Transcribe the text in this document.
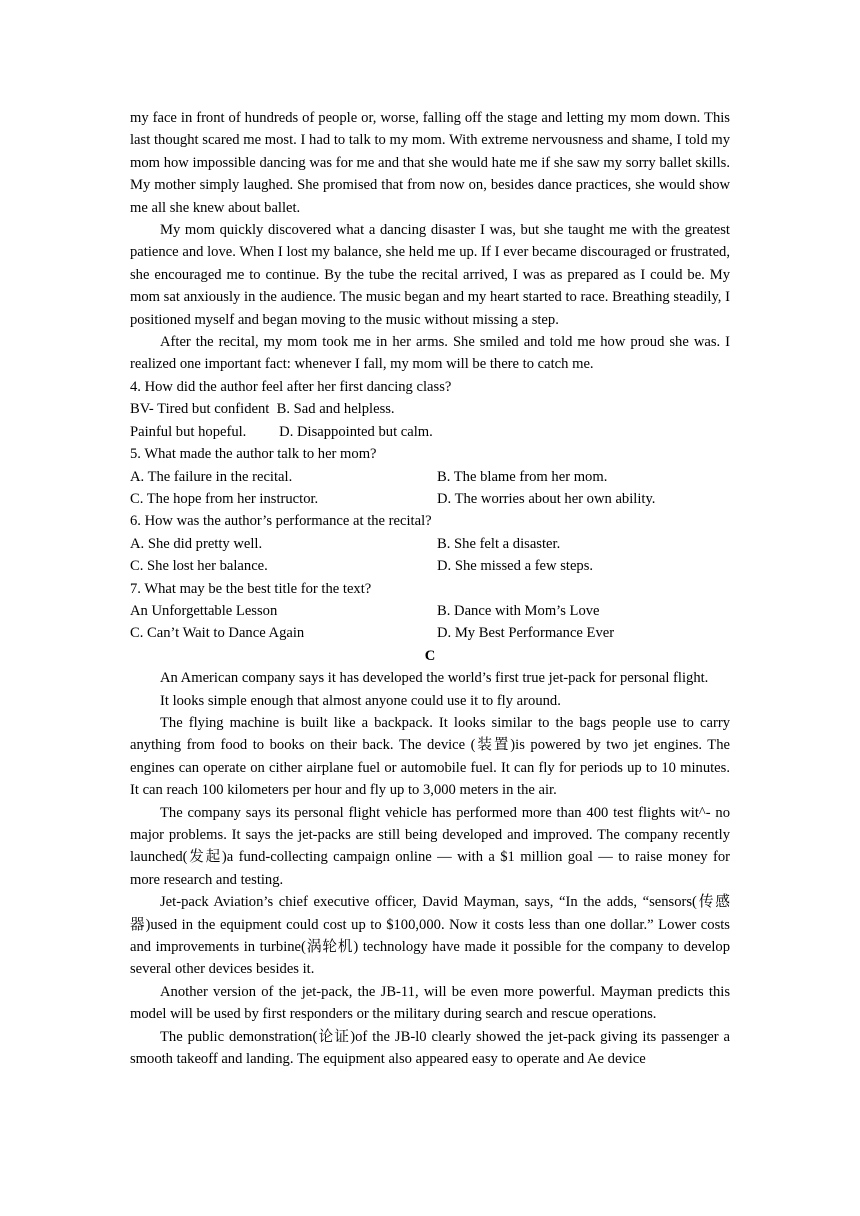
my face in front of hundreds of people or, worse, falling off the stage and letting my mom down. This last thought scared me most. I had to talk to my mom. With extreme nervousness and shame, I told my mom how impossible dancing was for me and that she would hate me if she saw my sorry ballet skills. My mother simply laughed. She promised that from now on, besides dance practices, she would show me all she knew about ballet.

My mom quickly discovered what a dancing disaster I was, but she taught me with the greatest patience and love. When I lost my balance, she held me up. If I ever became discouraged or frustrated, she encouraged me to continue. By the tube the recital arrived, I was as prepared as I could be. My mom sat anxiously in the audience. The music began and my heart started to race. Breathing steadily, I positioned myself and began moving to the music without missing a step.

After the recital, my mom took me in her arms. She smiled and told me how proud she was. I realized one important fact: whenever I fall, my mom will be there to catch me.

4. How did the author feel after her first dancing class?

BV- Tired but confident  B. Sad and helpless.

Painful but hopeful.         D. Disappointed but calm.

5. What made the author talk to her mom?

A. The failure in the recital.	B. The blame from her mom.
C. The hope from her instructor.	D. The worries about her own ability.

6. How was the author’s performance at the recital?

A. She did pretty well.	B. She felt a disaster.
C. She lost her balance.	D. She missed a few steps.

7. What may be the best title for the text?

An Unforgettable Lesson	B. Dance with Mom’s Love
C. Can’t Wait to Dance Again	D. My Best Performance Ever
C

An American company says it has developed the world’s first true jet-pack for personal flight.

It looks simple enough that almost anyone could use it to fly around.

The flying machine is built like a backpack. It looks similar to the bags people use to carry anything from food to books on their back. The device (装置)is powered by two jet engines. The engines can operate on cither airplane fuel or automobile fuel. It can fly for periods up to 10 minutes. It can reach 100 kilometers per hour and fly up to 3,000 meters in the air.

The company says its personal flight vehicle has performed more than 400 test flights wit^- no major problems. It says the jet-packs are still being developed and improved. The company recently launched(发起)a fund-collecting campaign online — with a $1 million goal — to raise money for more research and testing.

Jet-pack Aviation’s chief executive officer, David Mayman, says, “In the adds, “sensors(传感器)used in the equipment could cost up to $100,000. Now it costs less than one dollar.” Lower costs and improvements in turbine(涡轮机) technology have made it possible for the company to develop several other devices besides it.

Another version of the jet-pack, the JB-11, will be even more powerful. Mayman predicts this model will be used by first responders or the military during search and rescue operations.

The public demonstration(论证)of the JB-l0 clearly showed the jet-pack giving its passenger a smooth takeoff and landing. The equipment also appeared easy to operate and Ae device
